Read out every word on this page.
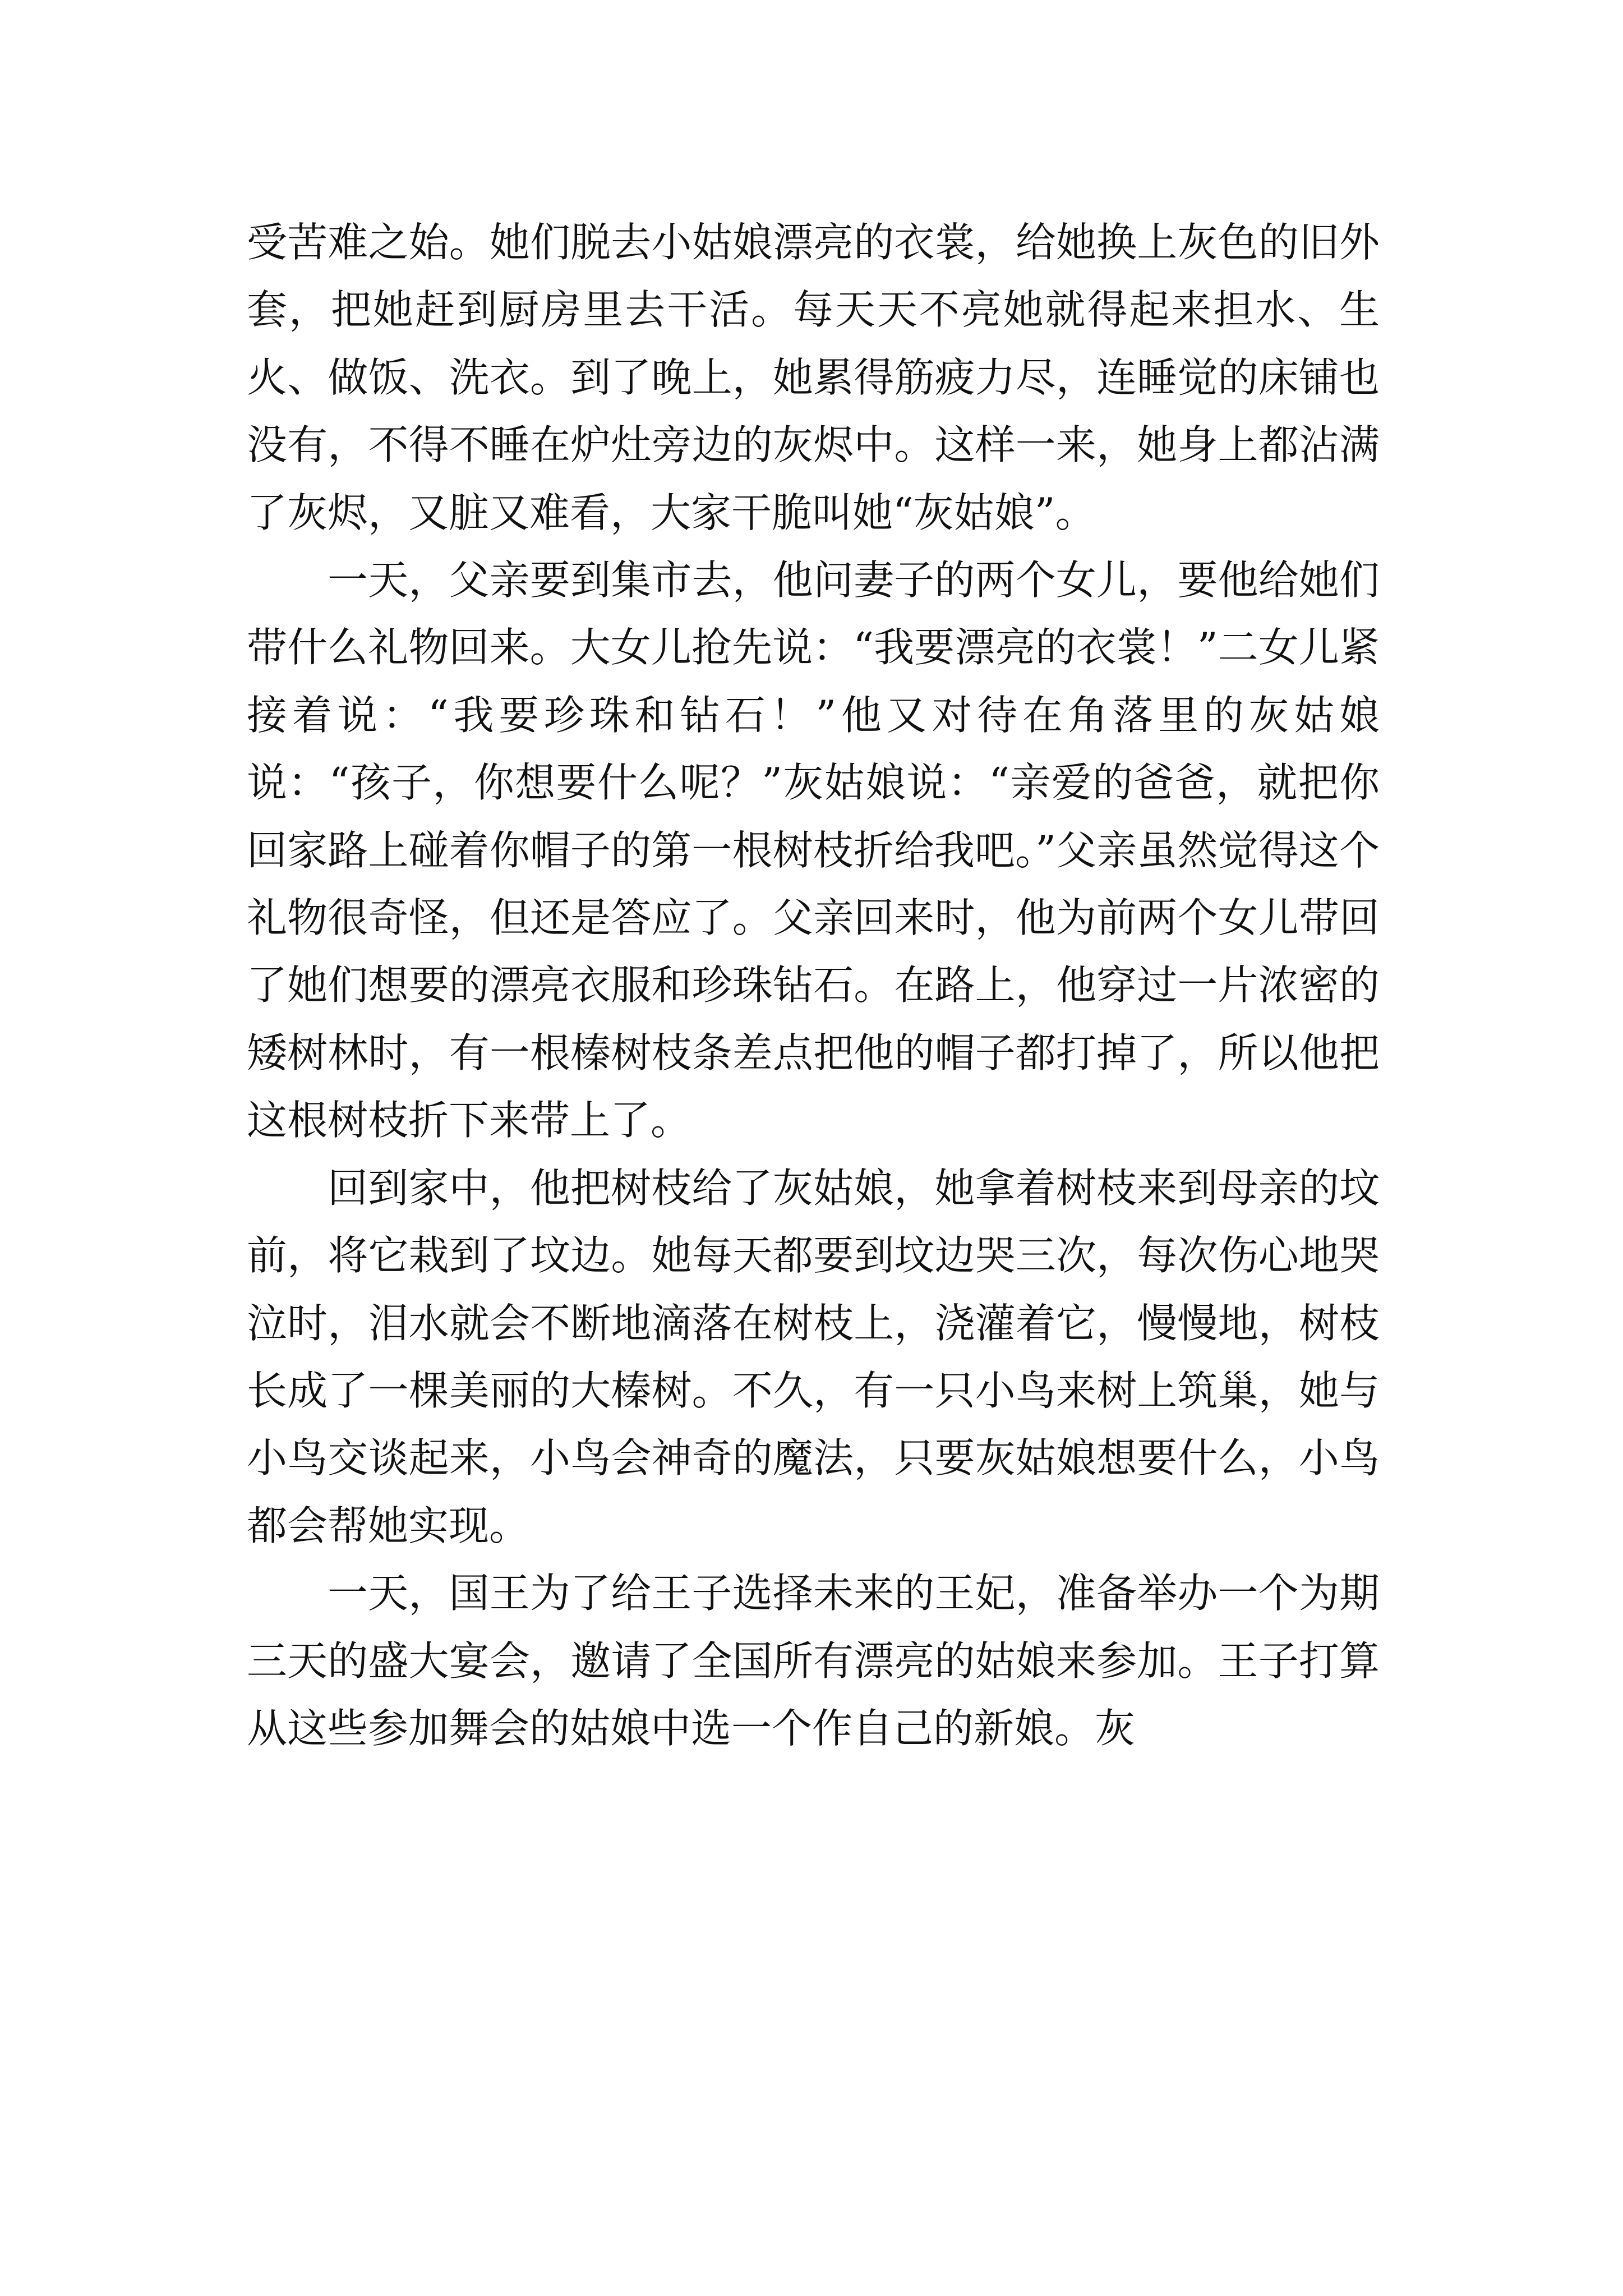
受苦难之始。她们脱去小姑娘漂亮的衣裳，给她换上灰色的旧外套，把她赶到厨房里去干活。每天天不亮她就得起来担水、生火、做饭、洗衣。到了晚上，她累得筋疲力尽，连睡觉的床铺也没有，不得不睡在炉灶旁边的灰烬中。这样一来，她身上都沾满了灰烬，又脏又难看，大家干脆叫她“灰姑娘”。

一天，父亲要到集市去，他问妻子的两个女儿，要他给她们带什么礼物回来。大女儿抢先说：“我要漂亮的衣裳！”二女儿紧接着说：“我要珍珠和钻石！”他又对待在角落里的灰姑娘说：“孩子，你想要什么呢？”灰姑娘说：“亲爱的爸爸，就把你回家路上碰着你帽子的第一根树枝折给我吧。”父亲虽然觉得这个礼物很奇怪，但还是答应了。父亲回来时，他为前两个女儿带回了她们想要的漂亮衣服和珍珠钻石。在路上，他穿过一片浓密的矮树林时，有一根榛树枝条差点把他的帽子都打掉了，所以他把这根树枝折下来带上了。

回到家中，他把树枝给了灰姑娘，她拿着树枝来到母亲的坟前，将它栽到了坟边。她每天都要到坟边哭三次，每次伤心地哭泣时，泪水就会不断地滴落在树枝上，浇灌着它，慢慢地，树枝长成了一棵美丽的大榛树。不久，有一只小鸟来树上筑巢，她与小鸟交谈起来，小鸟会神奇的魔法，只要灰姑娘想要什么，小鸟都会帮她实现。

一天，国王为了给王子选择未来的王妃，准备举办一个为期三天的盛大宴会，邀请了全国所有漂亮的姑娘来参加。王子打算从这些参加舞会的姑娘中选一个作自己的新娘。灰
